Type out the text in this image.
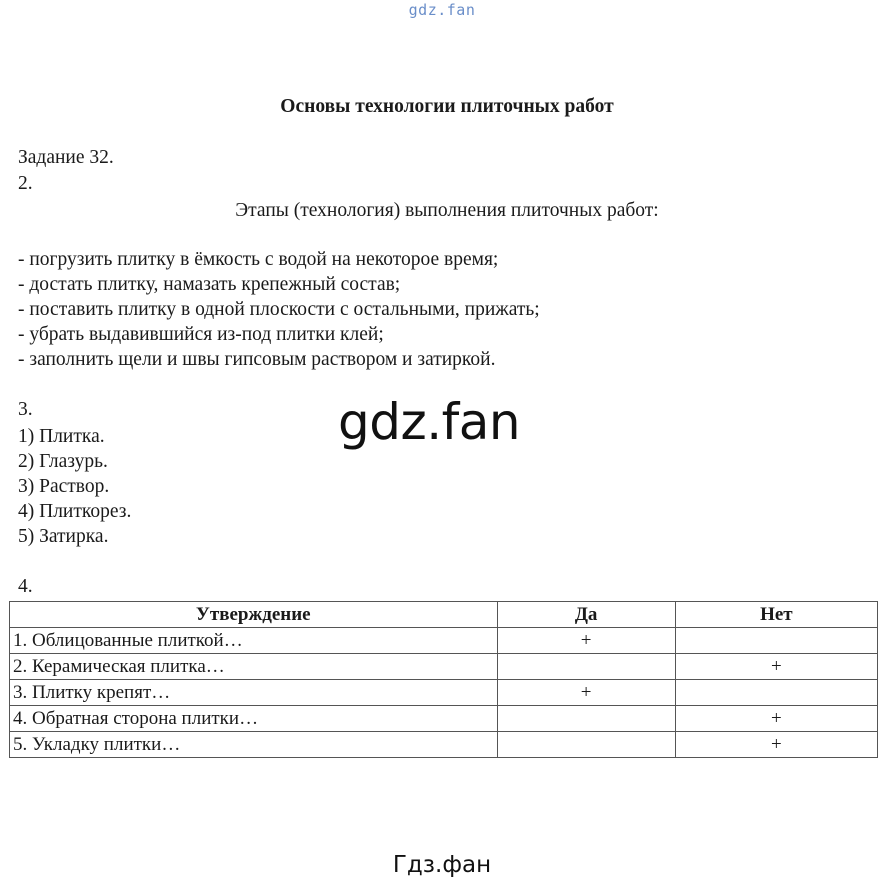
gdz.fan
Основы технологии плиточных работ
Задание 32.
2.
Этапы (технология) выполнения плиточных работ:
- погрузить плитку в ёмкость с водой на некоторое время;
- достать плитку, намазать крепежный состав;
- поставить плитку в одной плоскости с остальными, прижать;
- убрать выдавившийся из-под плитки клей;
- заполнить щели и швы гипсовым раствором и затиркой.
3.
1) Плитка.
2) Глазурь.
3) Раствор.
4) Плиткорез.
5) Затирка.
gdz.fan
4.
Утверждение	Да	Нет
1. Облицованные плиткой…	+	
2. Керамическая плитка…		+
3. Плитку крепят…	+	
4. Обратная сторона плитки…		+
5. Укладку плитки…		+
Гдз.фан
